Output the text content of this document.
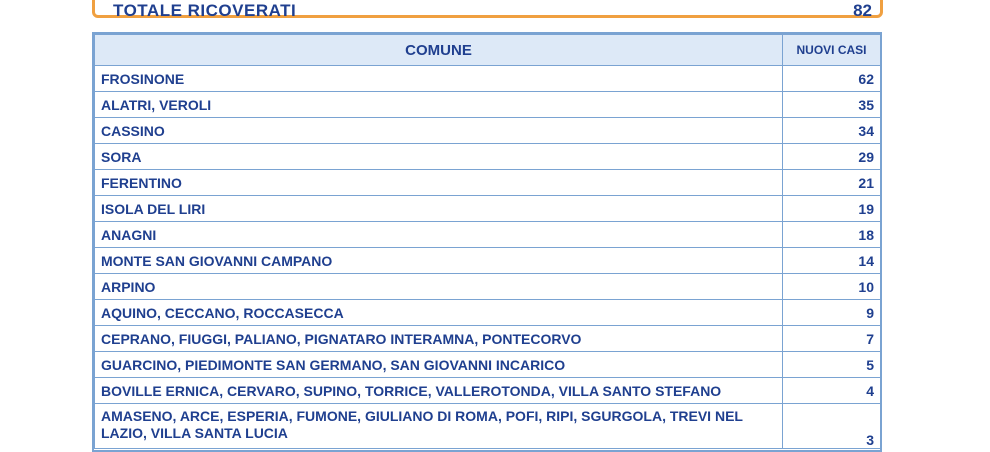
TOTALE RICOVERATI	82
COMUNE	NUOVI CASI
FROSINONE	62
ALATRI, VEROLI	35
CASSINO	34
SORA	29
FERENTINO	21
ISOLA DEL LIRI	19
ANAGNI	18
MONTE SAN GIOVANNI CAMPANO	14
ARPINO	10
AQUINO, CECCANO, ROCCASECCA	9
CEPRANO, FIUGGI, PALIANO, PIGNATARO INTERAMNA, PONTECORVO	7
GUARCINO, PIEDIMONTE SAN GERMANO, SAN GIOVANNI INCARICO	5
BOVILLE ERNICA, CERVARO, SUPINO, TORRICE, VALLEROTONDA, VILLA SANTO STEFANO	4
AMASENO, ARCE, ESPERIA, FUMONE, GIULIANO DI ROMA, POFI, RIPI, SGURGOLA, TREVI NEL LAZIO, VILLA SANTA LUCIA	3
